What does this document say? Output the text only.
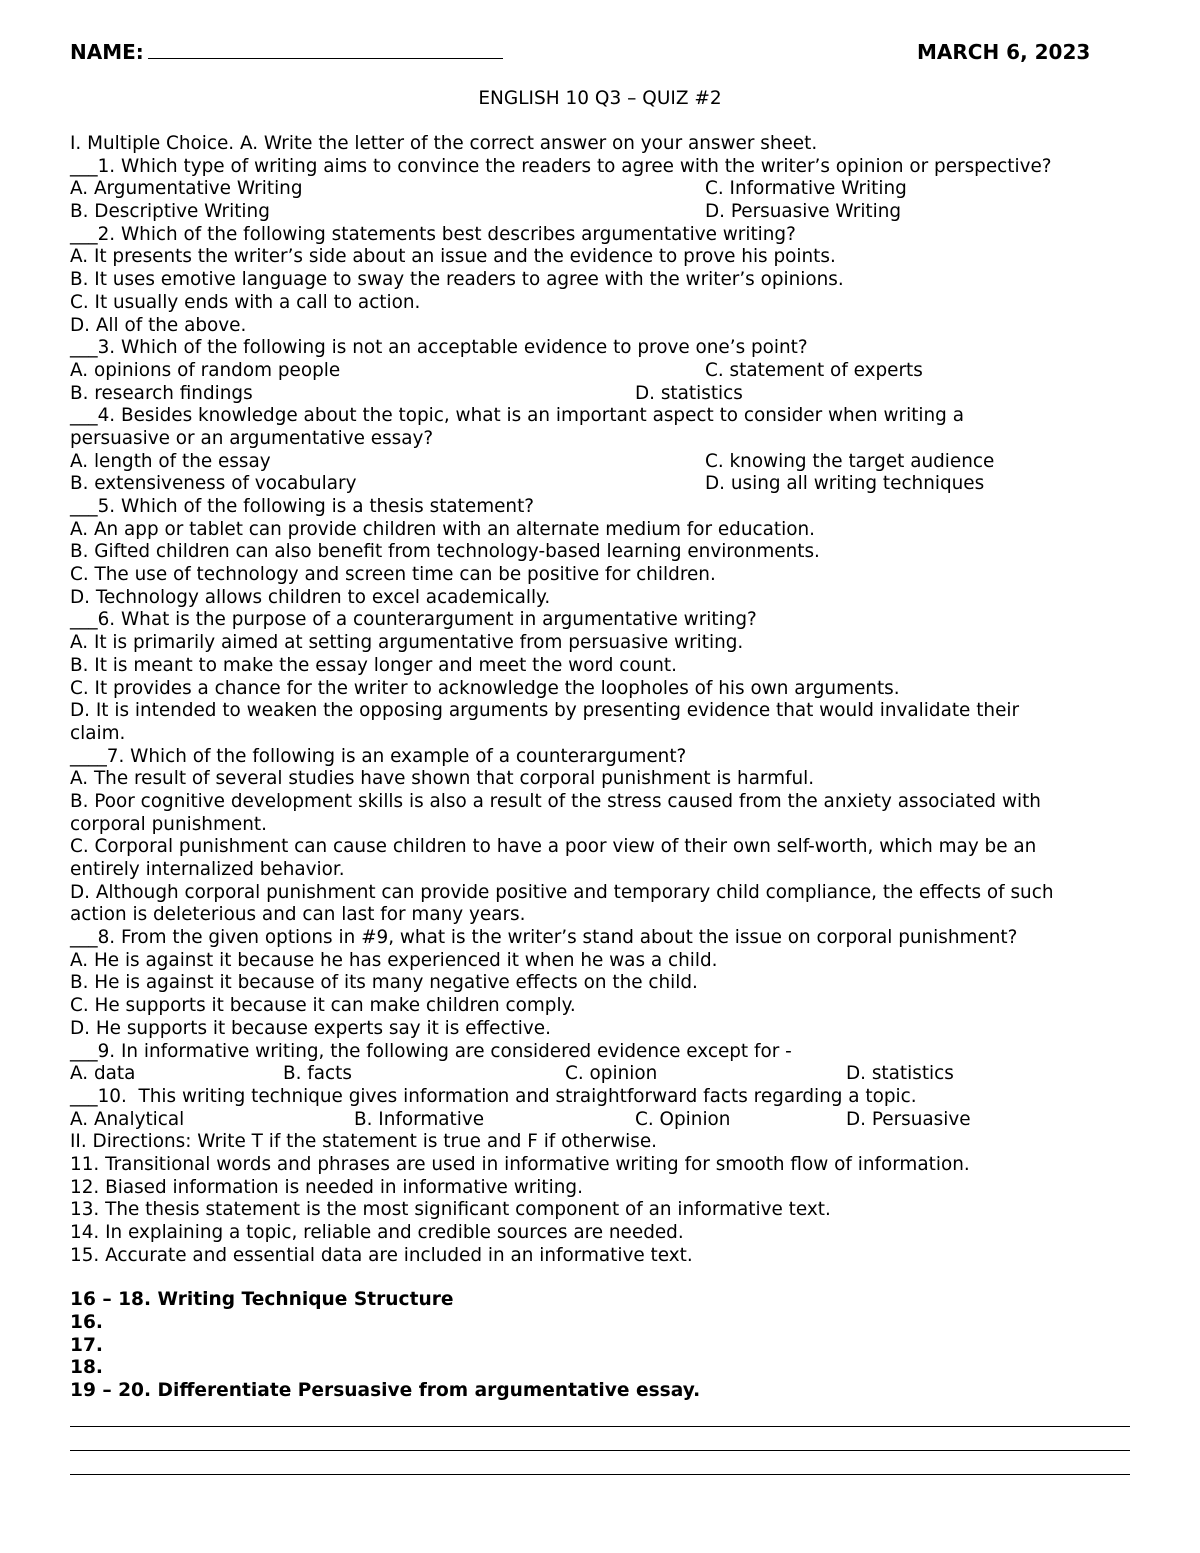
NAME:	MARCH 6, 2023
ENGLISH 10 Q3 – QUIZ #2
I. Multiple Choice. A. Write the letter of the correct answer on your answer sheet.
___1. Which type of writing aims to convince the readers to agree with the writer’s opinion or perspective?
A. Argumentative Writing	C. Informative Writing
B. Descriptive Writing	D. Persuasive Writing
___2. Which of the following statements best describes argumentative writing?
A. It presents the writer’s side about an issue and the evidence to prove his points.
B. It uses emotive language to sway the readers to agree with the writer’s opinions.
C. It usually ends with a call to action.
D. All of the above.
___3. Which of the following is not an acceptable evidence to prove one’s point?
A. opinions of random people	C. statement of experts
B. research findings	D. statistics
___4. Besides knowledge about the topic, what is an important aspect to consider when writing a
persuasive or an argumentative essay?
A. length of the essay	C. knowing the target audience
B. extensiveness of vocabulary	D. using all writing techniques
___5. Which of the following is a thesis statement?
A. An app or tablet can provide children with an alternate medium for education.
B. Gifted children can also benefit from technology-based learning environments.
C. The use of technology and screen time can be positive for children.
D. Technology allows children to excel academically.
___6. What is the purpose of a counterargument in argumentative writing?
A. It is primarily aimed at setting argumentative from persuasive writing.
B. It is meant to make the essay longer and meet the word count.
C. It provides a chance for the writer to acknowledge the loopholes of his own arguments.
D. It is intended to weaken the opposing arguments by presenting evidence that would invalidate their
claim.
____7. Which of the following is an example of a counterargument?
A. The result of several studies have shown that corporal punishment is harmful.
B. Poor cognitive development skills is also a result of the stress caused from the anxiety associated with
corporal punishment.
C. Corporal punishment can cause children to have a poor view of their own self-worth, which may be an
entirely internalized behavior.
D. Although corporal punishment can provide positive and temporary child compliance, the effects of such
action is deleterious and can last for many years.
___8. From the given options in #9, what is the writer’s stand about the issue on corporal punishment?
A. He is against it because he has experienced it when he was a child.
B. He is against it because of its many negative effects on the child.
C. He supports it because it can make children comply.
D. He supports it because experts say it is effective.
___9. In informative writing, the following are considered evidence except for -
A. data	B. facts	C. opinion	D. statistics
___10.  This writing technique gives information and straightforward facts regarding a topic.
A. Analytical	B. Informative	C. Opinion	D. Persuasive
II. Directions: Write T if the statement is true and F if otherwise.
11. Transitional words and phrases are used in informative writing for smooth flow of information.
12. Biased information is needed in informative writing.
13. The thesis statement is the most significant component of an informative text.
14. In explaining a topic, reliable and credible sources are needed.
15. Accurate and essential data are included in an informative text.
16 – 18. Writing Technique Structure
16.
17.
18.
19 – 20. Differentiate Persuasive from argumentative essay.
